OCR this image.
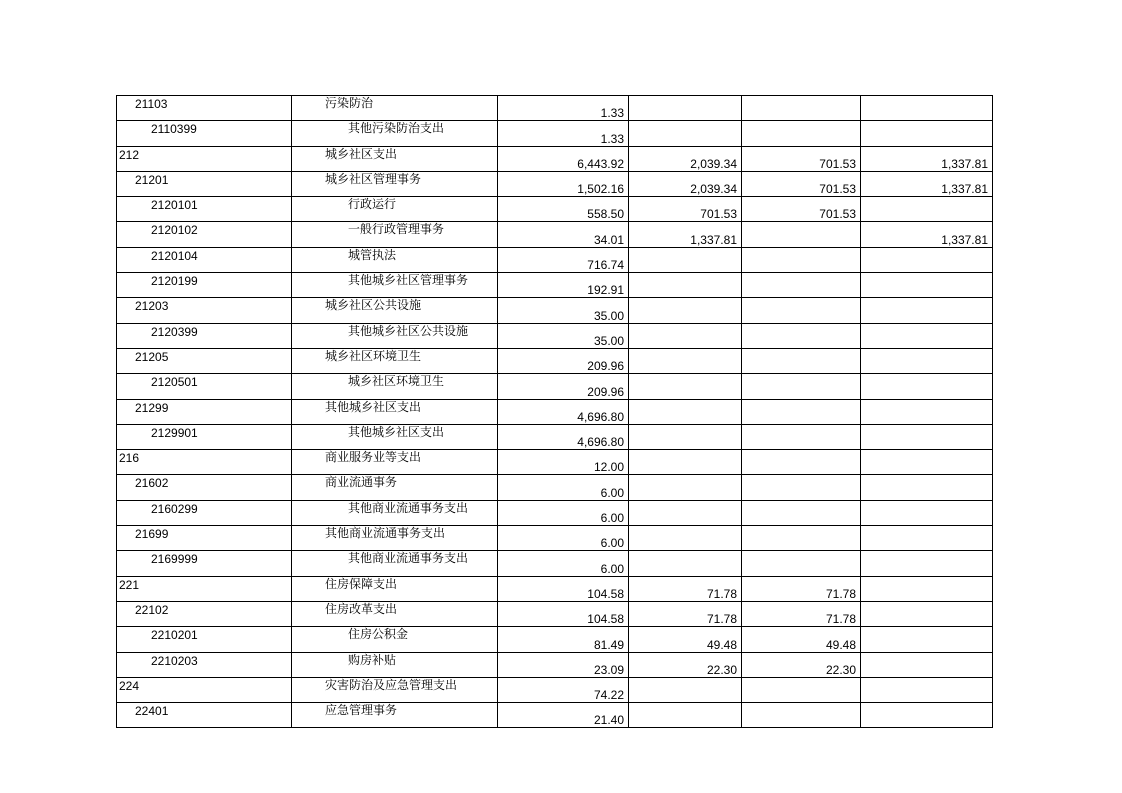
21103	污染防治	1.33			
2110399	其他污染防治支出	1.33			
212	城乡社区支出	6,443.92	2,039.34	701.53	1,337.81
21201	城乡社区管理事务	1,502.16	2,039.34	701.53	1,337.81
2120101	行政运行	558.50	701.53	701.53	
2120102	一般行政管理事务	34.01	1,337.81		1,337.81
2120104	城管执法	716.74			
2120199	其他城乡社区管理事务	192.91			
21203	城乡社区公共设施	35.00			
2120399	其他城乡社区公共设施	35.00			
21205	城乡社区环境卫生	209.96			
2120501	城乡社区环境卫生	209.96			
21299	其他城乡社区支出	4,696.80			
2129901	其他城乡社区支出	4,696.80			
216	商业服务业等支出	12.00			
21602	商业流通事务	6.00			
2160299	其他商业流通事务支出	6.00			
21699	其他商业流通事务支出	6.00			
2169999	其他商业流通事务支出	6.00			
221	住房保障支出	104.58	71.78	71.78	
22102	住房改革支出	104.58	71.78	71.78	
2210201	住房公积金	81.49	49.48	49.48	
2210203	购房补贴	23.09	22.30	22.30	
224	灾害防治及应急管理支出	74.22			
22401	应急管理事务	21.40			
